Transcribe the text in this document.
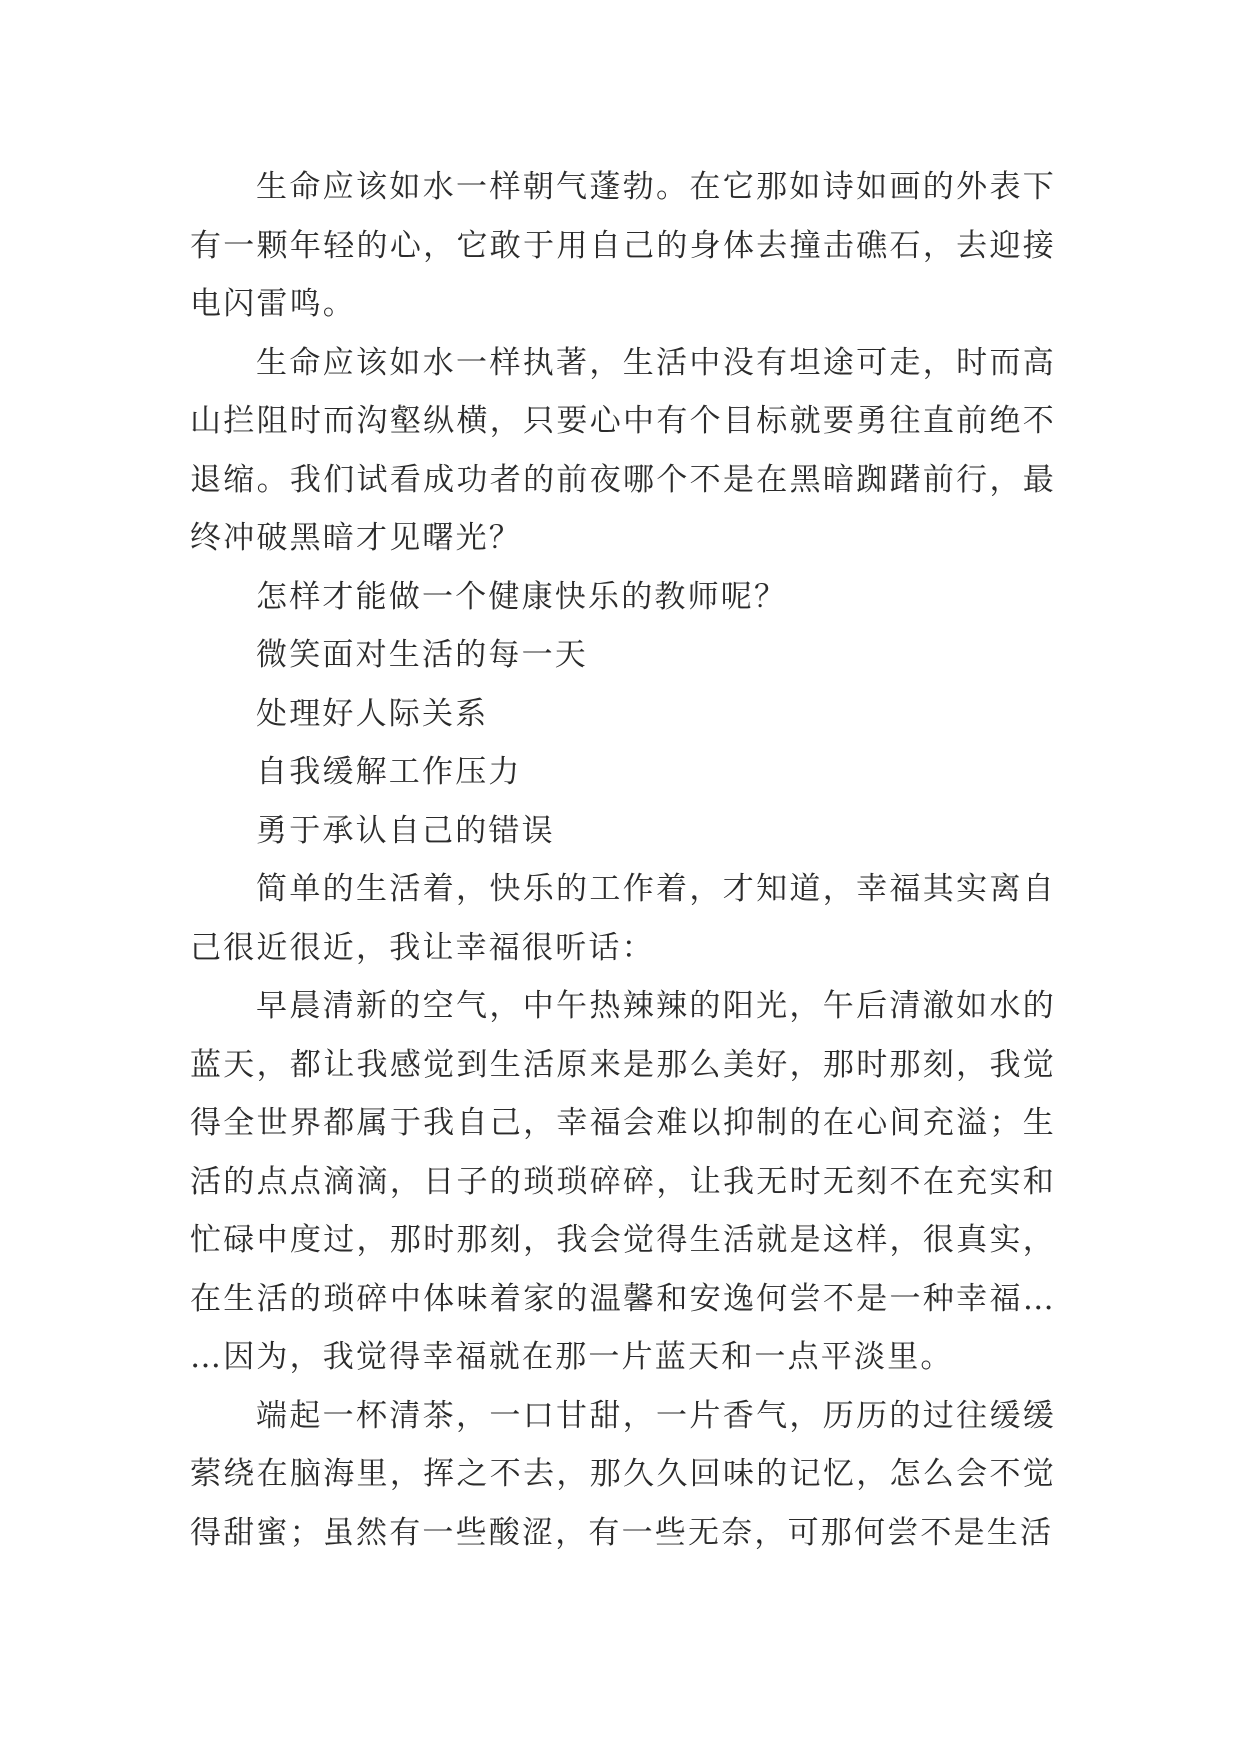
生命应该如水一样朝气蓬勃。在它那如诗如画的外表下有一颗年轻的心，它敢于用自己的身体去撞击礁石，去迎接电闪雷鸣。

生命应该如水一样执著，生活中没有坦途可走，时而高山拦阻时而沟壑纵横，只要心中有个目标就要勇往直前绝不退缩。我们试看成功者的前夜哪个不是在黑暗踟躇前行，最终冲破黑暗才见曙光？

怎样才能做一个健康快乐的教师呢？

微笑面对生活的每一天

处理好人际关系

自我缓解工作压力

勇于承认自己的错误

简单的生活着，快乐的工作着，才知道，幸福其实离自己很近很近，我让幸福很听话：

早晨清新的空气，中午热辣辣的阳光，午后清澈如水的蓝天，都让我感觉到生活原来是那么美好，那时那刻，我觉得全世界都属于我自己，幸福会难以抑制的在心间充溢；生活的点点滴滴，日子的琐琐碎碎，让我无时无刻不在充实和忙碌中度过，那时那刻，我会觉得生活就是这样，很真实，在生活的琐碎中体味着家的温馨和安逸何尝不是一种幸福……因为，我觉得幸福就在那一片蓝天和一点平淡里。

端起一杯清茶，一口甘甜，一片香气，历历的过往缓缓萦绕在脑海里，挥之不去，那久久回味的记忆，怎么会不觉得甜蜜；虽然有一些酸涩，有一些无奈，可那何尝不是生活
